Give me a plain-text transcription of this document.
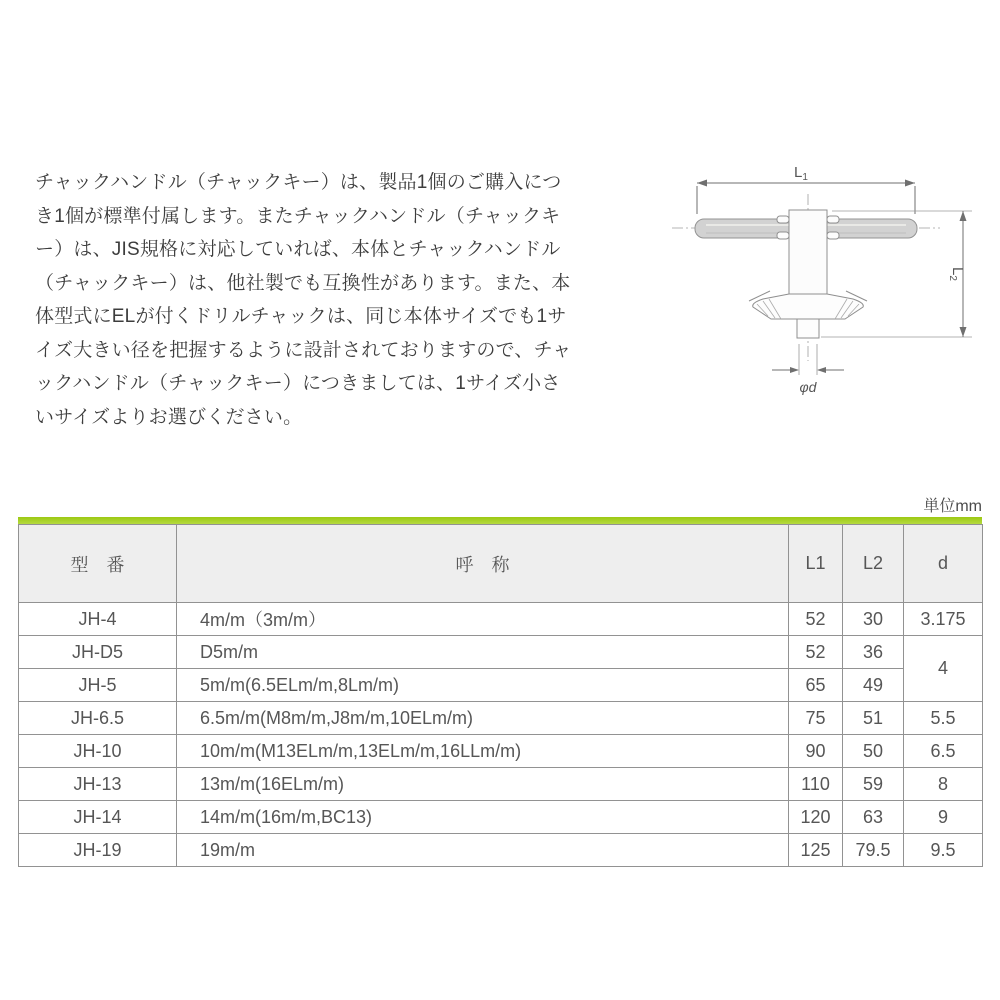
チャックハンドル（チャックキー）は、製品1個のご購入につ
き1個が標準付属します。またチャックハンドル（チャックキ
ー）は、JIS規格に対応していれば、本体とチャックハンドル
（チャックキー）は、他社製でも互換性があります。また、本
体型式にELが付くドリルチャックは、同じ本体サイズでも1サ
イズ大きい径を把握するように設計されておりますので、チャ
ックハンドル（チャックキー）につきましては、1サイズ小さ
いサイズよりお選びください。
$L_1$
φd
$L_2$
単位mm
型　番	呼　称	L1	L2	d
JH-4	4m/m（3m/m）	52	30	3.175
JH-D5	D5m/m	52	36	4
JH-5	5m/m(6.5ELm/m,8Lm/m)	65	49	
JH-6.5	6.5m/m(M8m/m,J8m/m,10ELm/m)	75	51	5.5
JH-10	10m/m(M13ELm/m,13ELm/m,16LLm/m)	90	50	6.5
JH-13	13m/m(16ELm/m)	110	59	8
JH-14	14m/m(16m/m,BC13)	120	63	9
JH-19	19m/m	125	79.5	9.5
